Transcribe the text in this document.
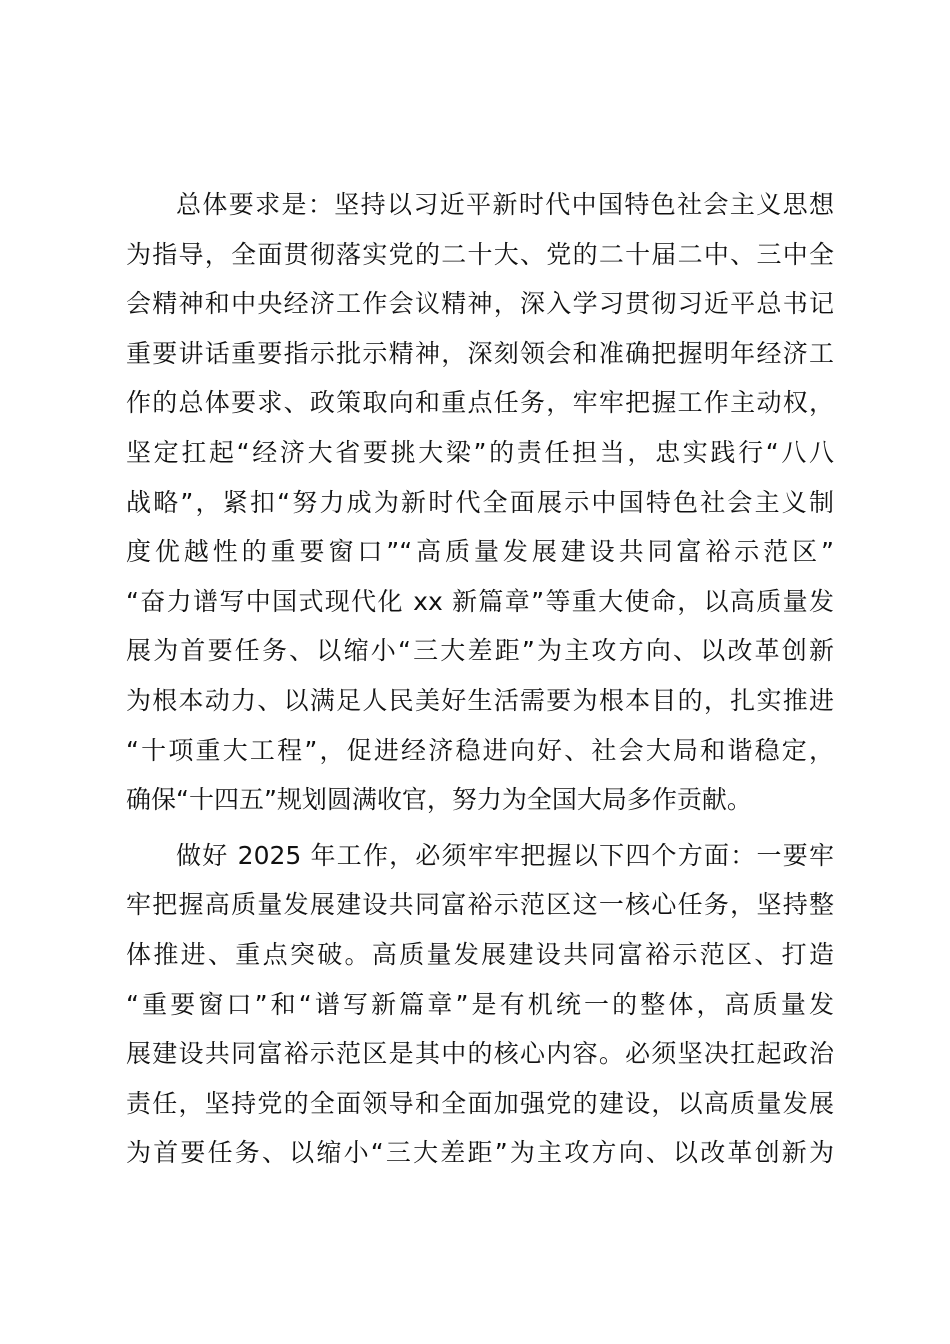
总体要求是：坚持以习近平新时代中国特色社会主义思想
为指导，全面贯彻落实党的二十大、党的二十届二中、三中全
会精神和中央经济工作会议精神，深入学习贯彻习近平总书记
重要讲话重要指示批示精神，深刻领会和准确把握明年经济工
作的总体要求、政策取向和重点任务，牢牢把握工作主动权，
坚定扛起“经济大省要挑大梁”的责任担当，忠实践行“八八
战略”，紧扣“努力成为新时代全面展示中国特色社会主义制
度优越性的重要窗口”“高质量发展建设共同富裕示范区”
“奋力谱写中国式现代化 xx 新篇章”等重大使命，以高质量发
展为首要任务、以缩小“三大差距”为主攻方向、以改革创新
为根本动力、以满足人民美好生活需要为根本目的，扎实推进
“十项重大工程”，促进经济稳进向好、社会大局和谐稳定，
确保“十四五”规划圆满收官，努力为全国大局多作贡献。
做好 2025 年工作，必须牢牢把握以下四个方面：一要牢
牢把握高质量发展建设共同富裕示范区这一核心任务，坚持整
体推进、重点突破。高质量发展建设共同富裕示范区、打造
“重要窗口”和“谱写新篇章”是有机统一的整体，高质量发
展建设共同富裕示范区是其中的核心内容。必须坚决扛起政治
责任，坚持党的全面领导和全面加强党的建设，以高质量发展
为首要任务、以缩小“三大差距”为主攻方向、以改革创新为
